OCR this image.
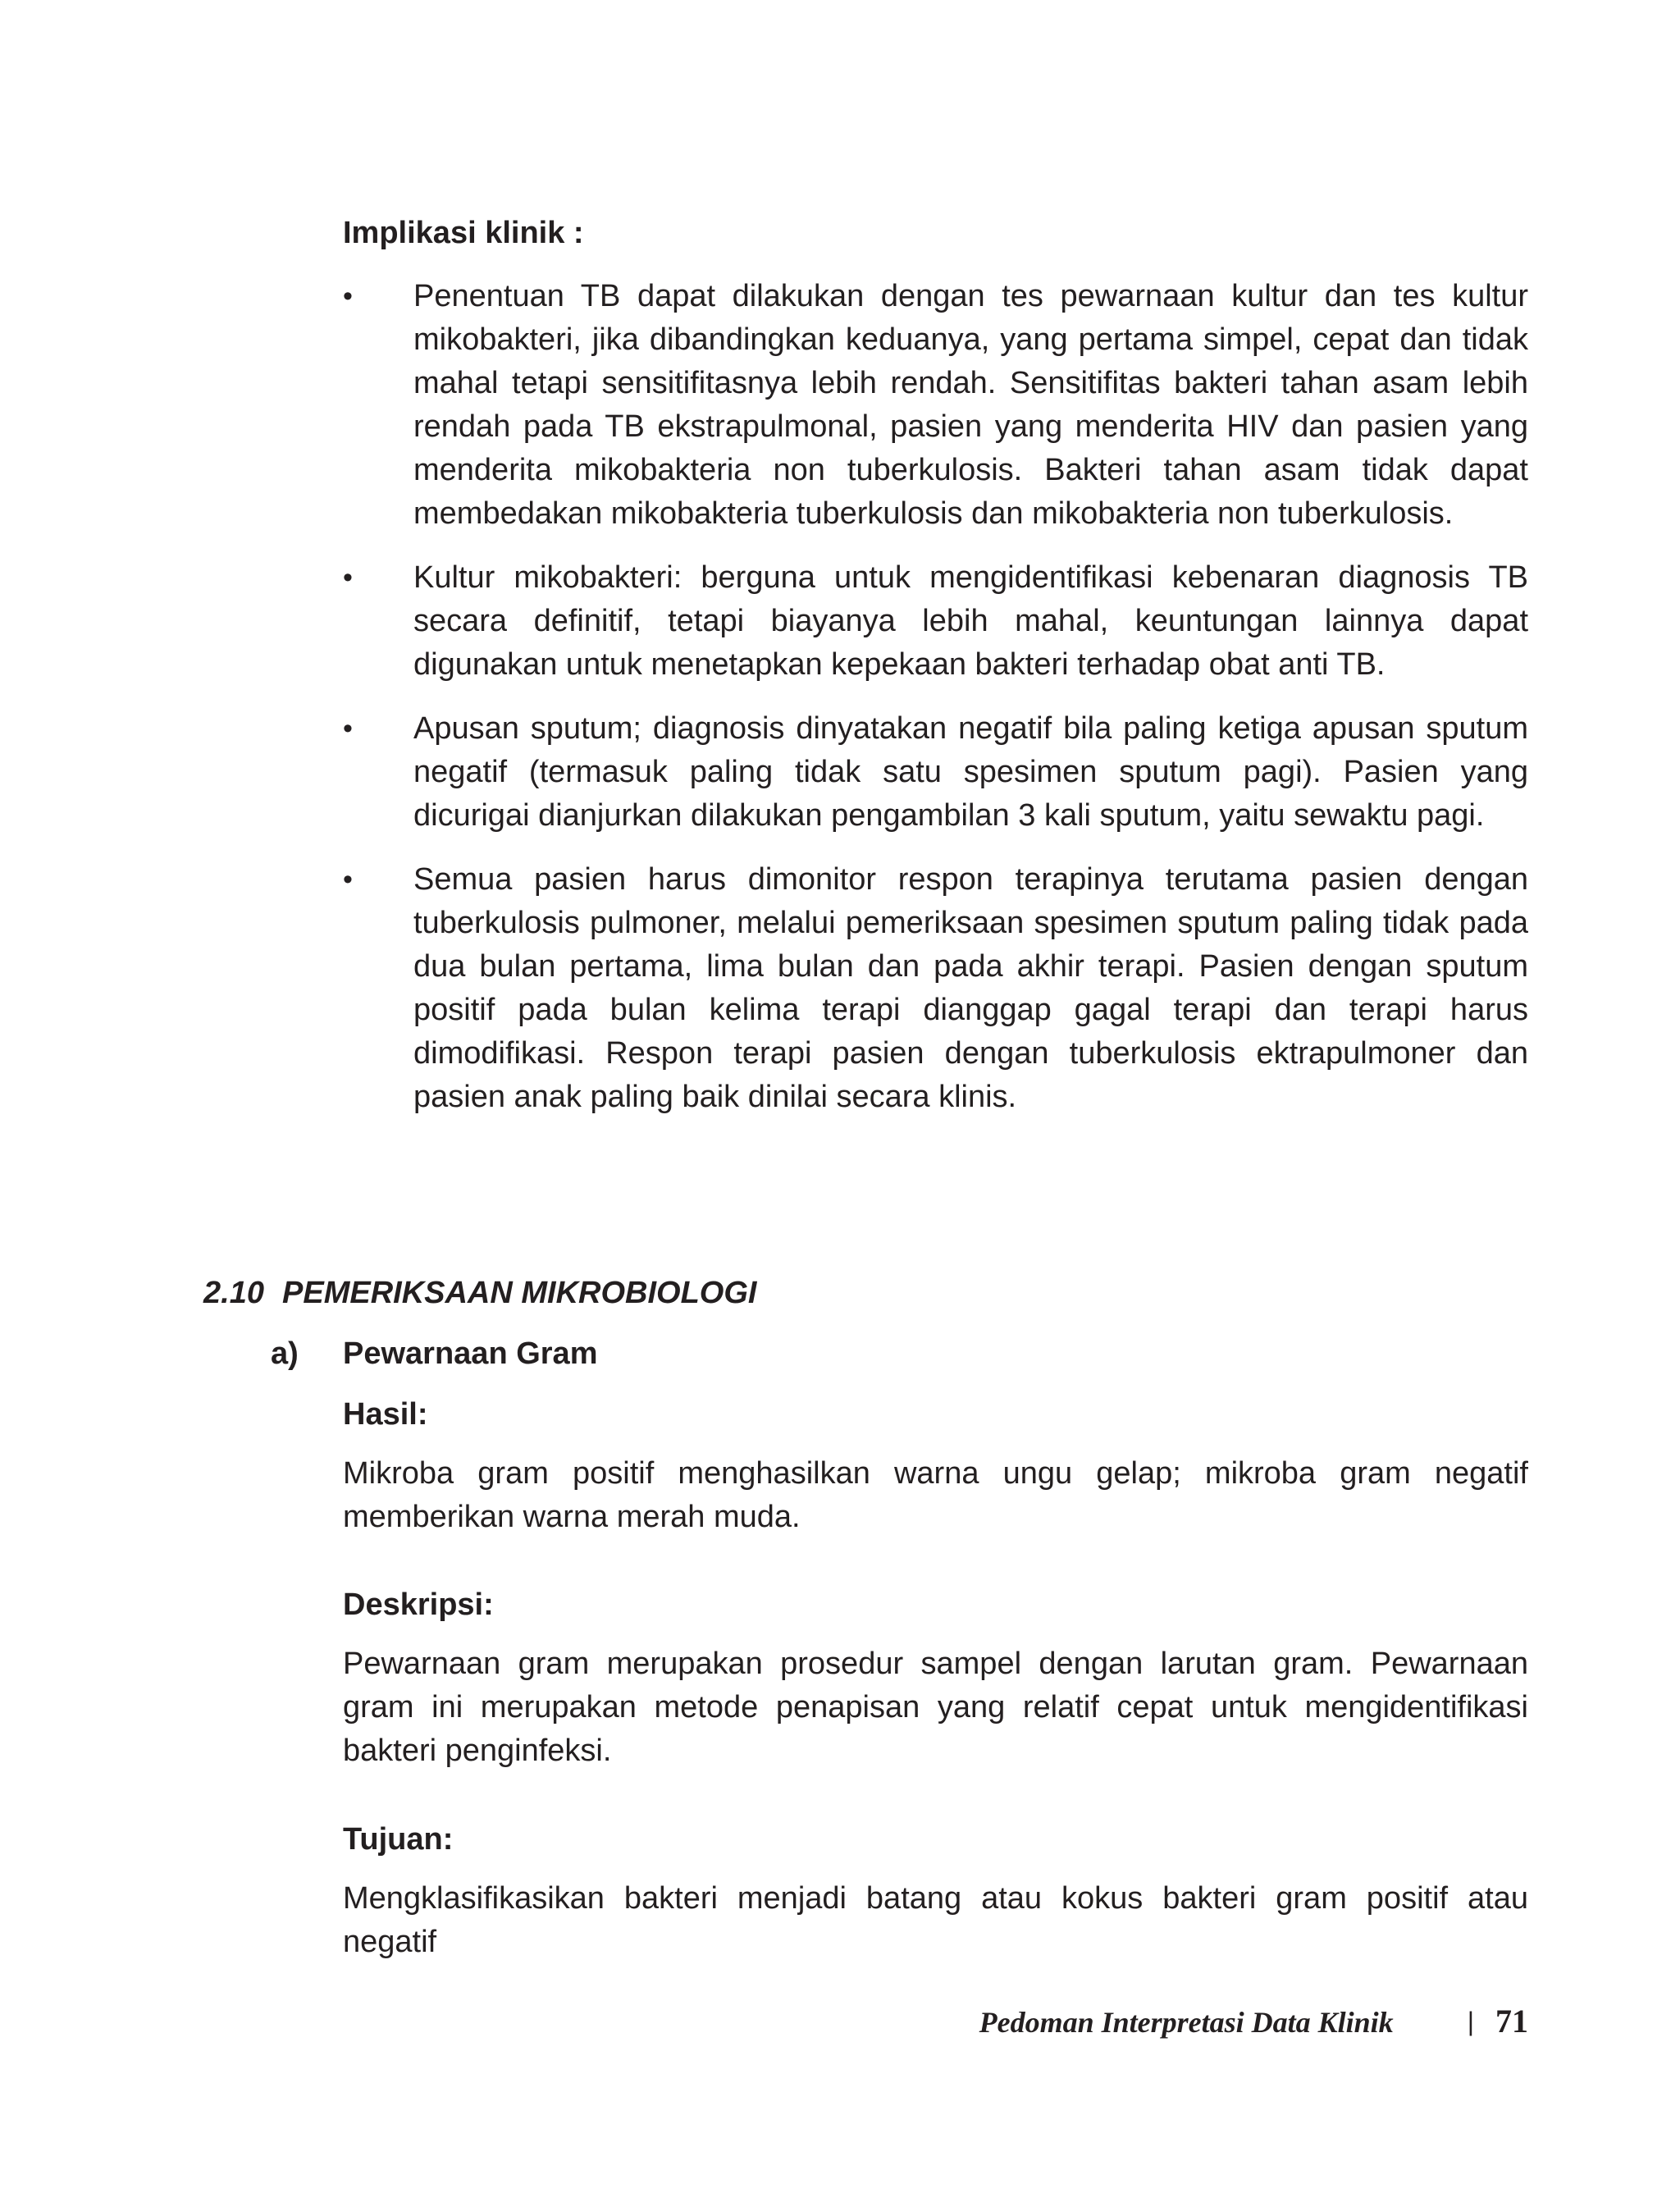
Implikasi klinik :
•	Penentuan TB dapat dilakukan dengan tes pewarnaan kultur dan tes kultur mikobakteri, jika dibandingkan keduanya, yang pertama simpel, cepat dan tidak mahal tetapi sensitifitasnya lebih rendah. Sensitifitas bakteri tahan asam lebih rendah pada TB ekstrapulmonal, pasien yang menderita HIV dan pasien yang menderita mikobakteria non tuberkulosis. Bakteri tahan asam tidak dapat membedakan mikobakteria tuberkulosis dan mikobakteria non tuberkulosis.
•	Kultur mikobakteri: berguna untuk mengidentifikasi kebenaran diagnosis TB secara definitif, tetapi biayanya lebih mahal, keuntungan lainnya dapat digunakan untuk menetapkan kepekaan bakteri terhadap obat anti TB.
•	Apusan sputum; diagnosis dinyatakan negatif bila paling ketiga apusan sputum negatif (termasuk paling tidak satu spesimen sputum pagi). Pasien yang dicurigai dianjurkan dilakukan pengambilan 3 kali sputum, yaitu sewaktu pagi.
•	Semua pasien harus dimonitor respon terapinya terutama pasien dengan tuberkulosis pulmoner, melalui pemeriksaan spesimen sputum paling tidak pada dua bulan pertama, lima bulan dan pada akhir terapi. Pasien dengan sputum positif pada bulan kelima terapi dianggap gagal terapi dan terapi harus dimodifikasi. Respon terapi pasien dengan tuberkulosis ektrapulmoner dan pasien anak paling baik dinilai secara klinis.
2.10 PEMERIKSAAN MIKROBIOLOGI
a) Pewarnaan Gram
Hasil:

Mikroba gram positif menghasilkan warna ungu gelap; mikroba gram negatif memberikan warna merah muda.

Deskripsi:

Pewarnaan gram merupakan prosedur sampel dengan larutan gram. Pewarnaan gram ini merupakan metode penapisan yang relatif cepat untuk mengidentifikasi bakteri penginfeksi.

Tujuan:

Mengklasifikasikan bakteri menjadi batang atau kokus bakteri gram positif atau negatif

Pedoman Interpretasi Data Klinik	| 71
